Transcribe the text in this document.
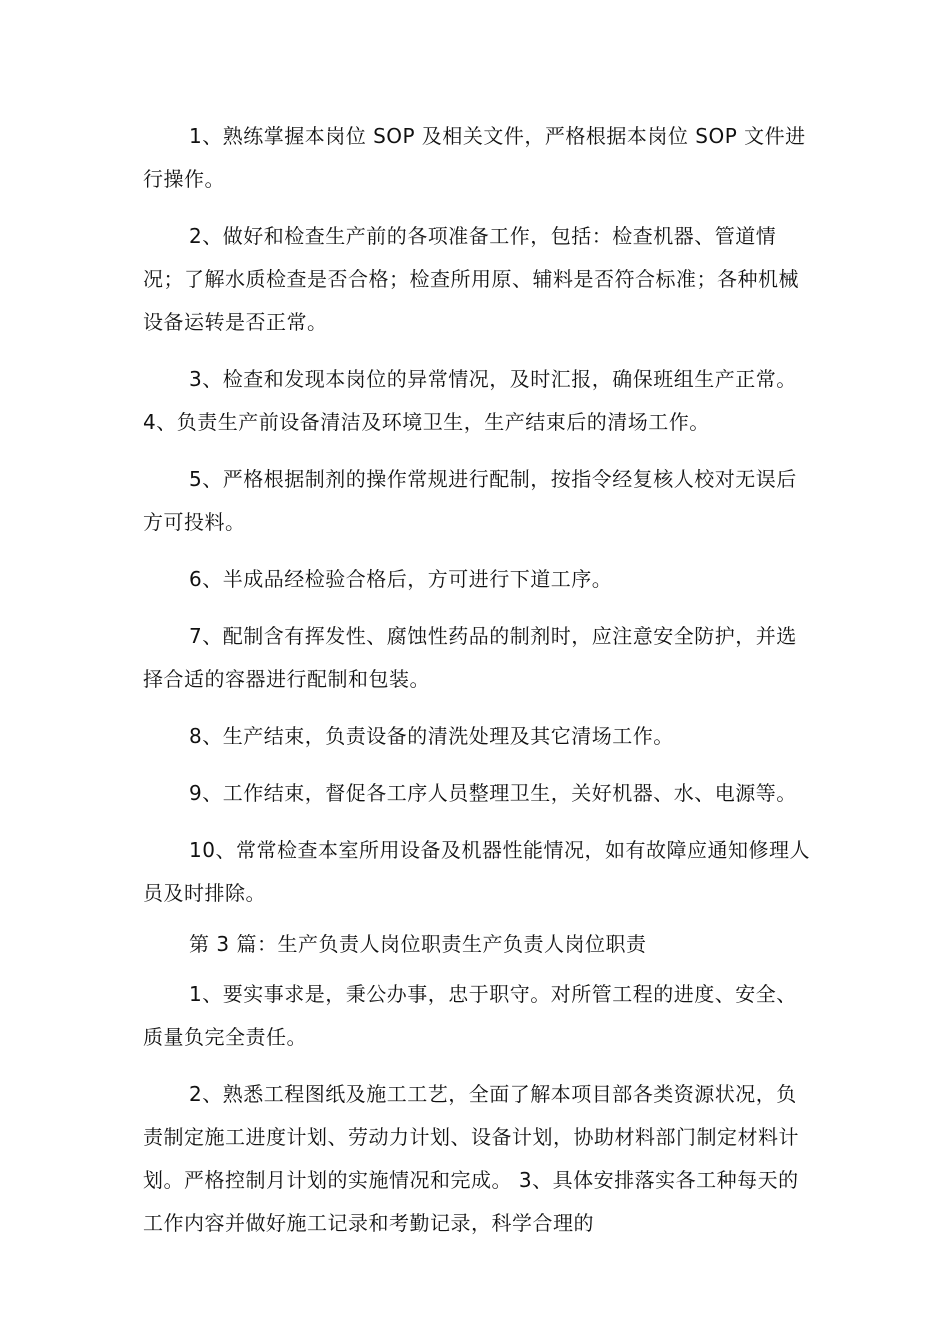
1、熟练掌握本岗位 SOP 及相关文件，严格根据本岗位 SOP 文件进行操作。

2、做好和检查生产前的各项准备工作，包括：检查机器、管道情况；了解水质检查是否合格；检查所用原、辅料是否符合标准；各种机械设备运转是否正常。

3、检查和发现本岗位的异常情况，及时汇报，确保班组生产正常。 4、负责生产前设备清洁及环境卫生，生产结束后的清场工作。

5、严格根据制剂的操作常规进行配制，按指令经复核人校对无误后方可投料。

6、半成品经检验合格后，方可进行下道工序。

7、配制含有挥发性、腐蚀性药品的制剂时，应注意安全防护，并选择合适的容器进行配制和包装。

8、生产结束，负责设备的清洗处理及其它清场工作。

9、工作结束，督促各工序人员整理卫生，关好机器、水、电源等。

10、常常检查本室所用设备及机器性能情况，如有故障应通知修理人员及时排除。

第 3 篇：生产负责人岗位职责生产负责人岗位职责

1、要实事求是，秉公办事，忠于职守。对所管工程的进度、安全、质量负完全责任。

2、熟悉工程图纸及施工工艺，全面了解本项目部各类资源状况，负责制定施工进度计划、劳动力计划、设备计划，协助材料部门制定材料计划。严格控制月计划的实施情况和完成。 3、具体安排落实各工种每天的工作内容并做好施工记录和考勤记录，科学合理的
